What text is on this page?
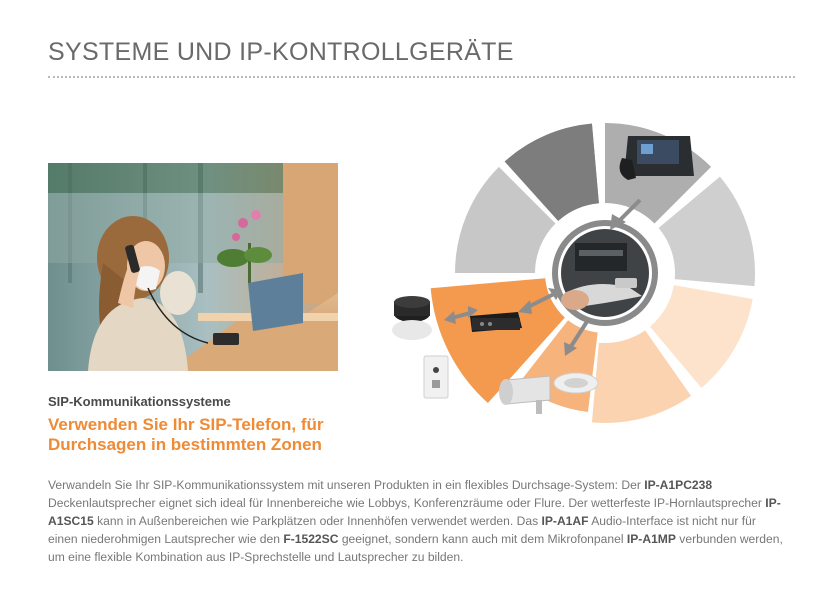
SYSTEME UND IP-KONTROLLGERÄTE
SIP-Kommunikationssysteme
Verwenden Sie Ihr SIP-Telefon, für Durchsagen in bestimmten Zonen

Verwandeln Sie Ihr SIP-Kommunikationssystem mit unseren Produkten in ein flexibles Durchsage-System: Der IP-A1PC238 Deckenlautsprecher eignet sich ideal für Innenbereiche wie Lobbys, Konferenzräume oder Flure. Der wetterfeste IP-Hornlautsprecher IP-A1SC15 kann in Außenbereichen wie Parkplätzen oder Innenhöfen verwendet werden. Das IP-A1AF Audio-Interface ist nicht nur für einen niederohmigen Lautsprecher wie den F-1522SC geeignet, sondern kann auch mit dem Mikrofonpanel IP-A1MP verbunden werden, um eine flexible Kombination aus IP-Sprechstelle und Lautsprecher zu bilden.
